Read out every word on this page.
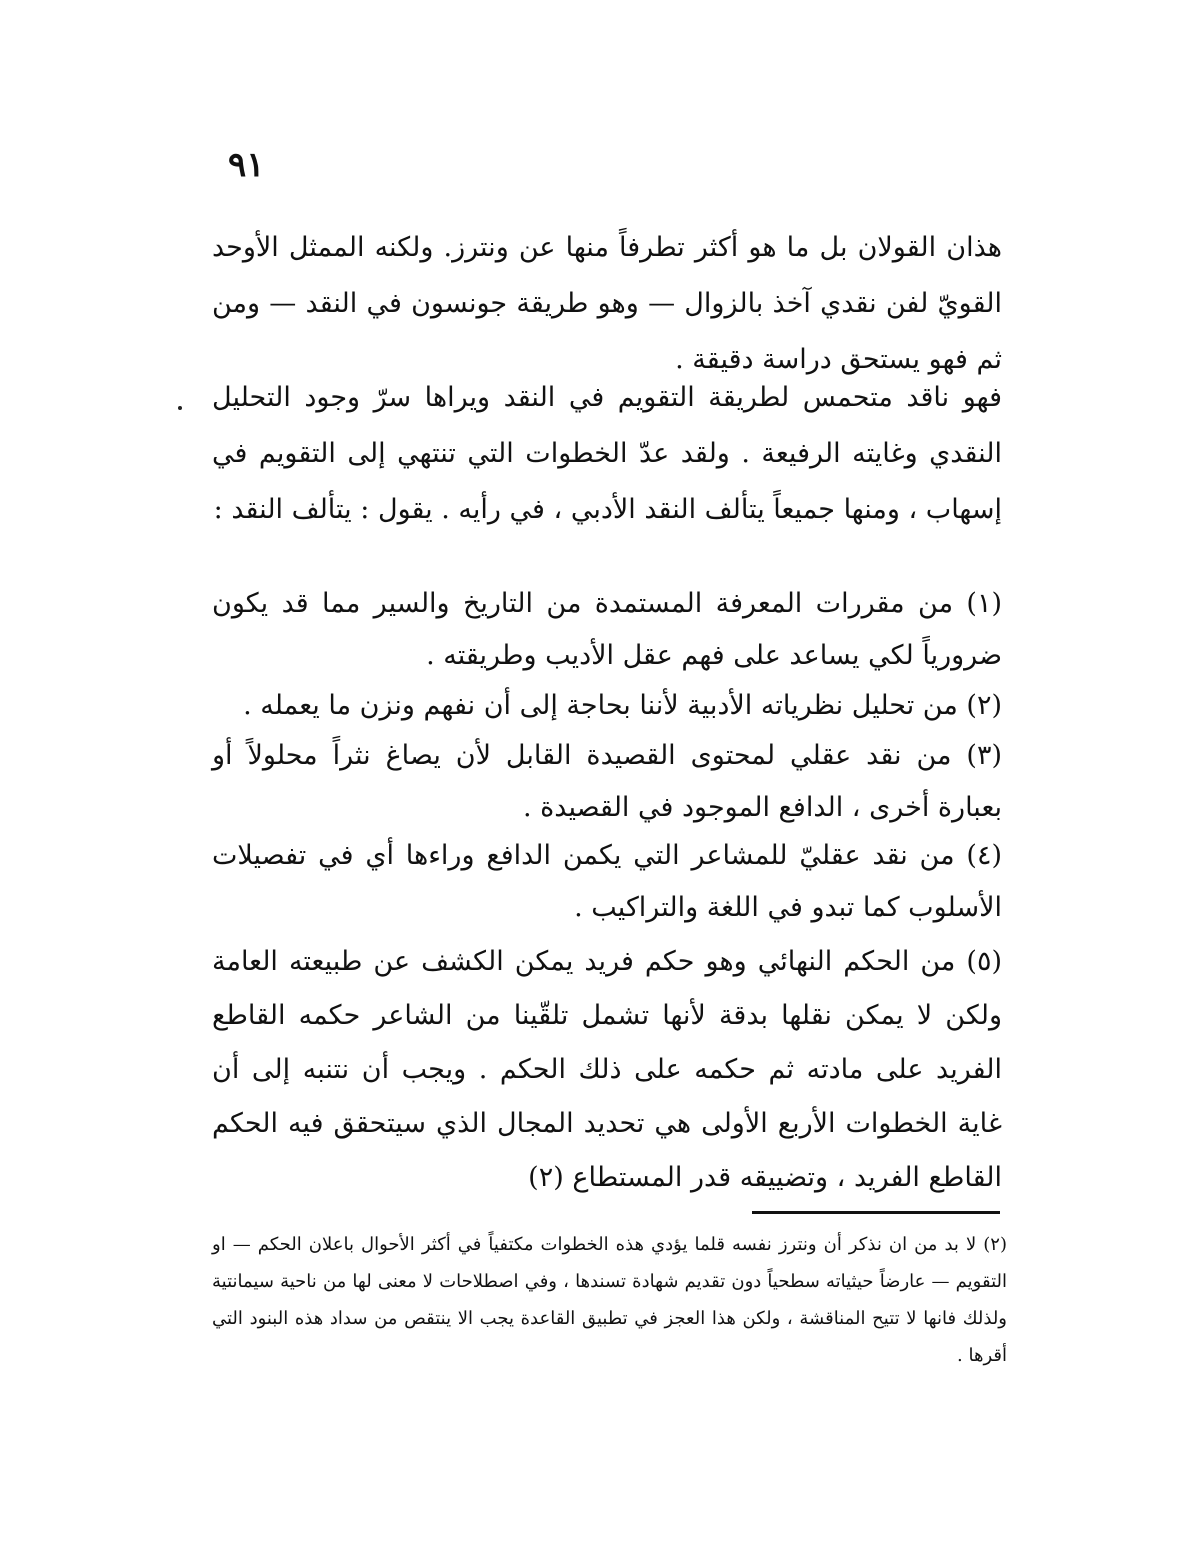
٩١
هذان القولان بل ما هو أكثر تطرفاً منها عن ونترز. ولكنه الممثل الأوحد القويّ لفن نقدي آخذ بالزوال — وهو طريقة جونسون في النقد — ومن ثم فهو يستحق دراسة دقيقة .
فهو ناقد متحمس لطريقة التقويم في النقد ويراها سرّ وجود التحليل النقدي وغايته الرفيعة . ولقد عدّ الخطوات التي تنتهي إلى التقويم في إسهاب ، ومنها جميعاً يتألف النقد الأدبي ، في رأيه . يقول : يتألف النقد :
(١) من مقررات المعرفة المستمدة من التاريخ والسير مما قد يكون ضرورياً لكي يساعد على فهم عقل الأديب وطريقته .
(٢) من تحليل نظرياته الأدبية لأننا بحاجة إلى أن نفهم ونزن ما يعمله .
(٣) من نقد عقلي لمحتوى القصيدة القابل لأن يصاغ نثراً محلولاً أو بعبارة أخرى ، الدافع الموجود في القصيدة .
(٤) من نقد عقليّ للمشاعر التي يكمن الدافع وراءها أي في تفصيلات الأسلوب كما تبدو في اللغة والتراكيب .
(٥) من الحكم النهائي وهو حكم فريد يمكن الكشف عن طبيعته العامة ولكن لا يمكن نقلها بدقة لأنها تشمل تلقّينا من الشاعر حكمه القاطع الفريد على مادته ثم حكمه على ذلك الحكم . ويجب أن نتنبه إلى أن غاية الخطوات الأربع الأولى هي تحديد المجال الذي سيتحقق فيه الحكم القاطع الفريد ، وتضييقه قدر المستطاع (٢)
(٢) لا بد من ان نذكر أن ونترز نفسه قلما يؤدي هذه الخطوات مكتفياً في أكثر الأحوال باعلان الحكم — او التقويم — عارضاً حيثياته سطحياً دون تقديم شهادة تسندها ، وفي اصطلاحات لا معنى لها من ناحية سيمانتية ولذلك فانها لا تتيح المناقشة ، ولكن هذا العجز في تطبيق القاعدة يجب الا ينتقص من سداد هذه البنود التي أقرها .
